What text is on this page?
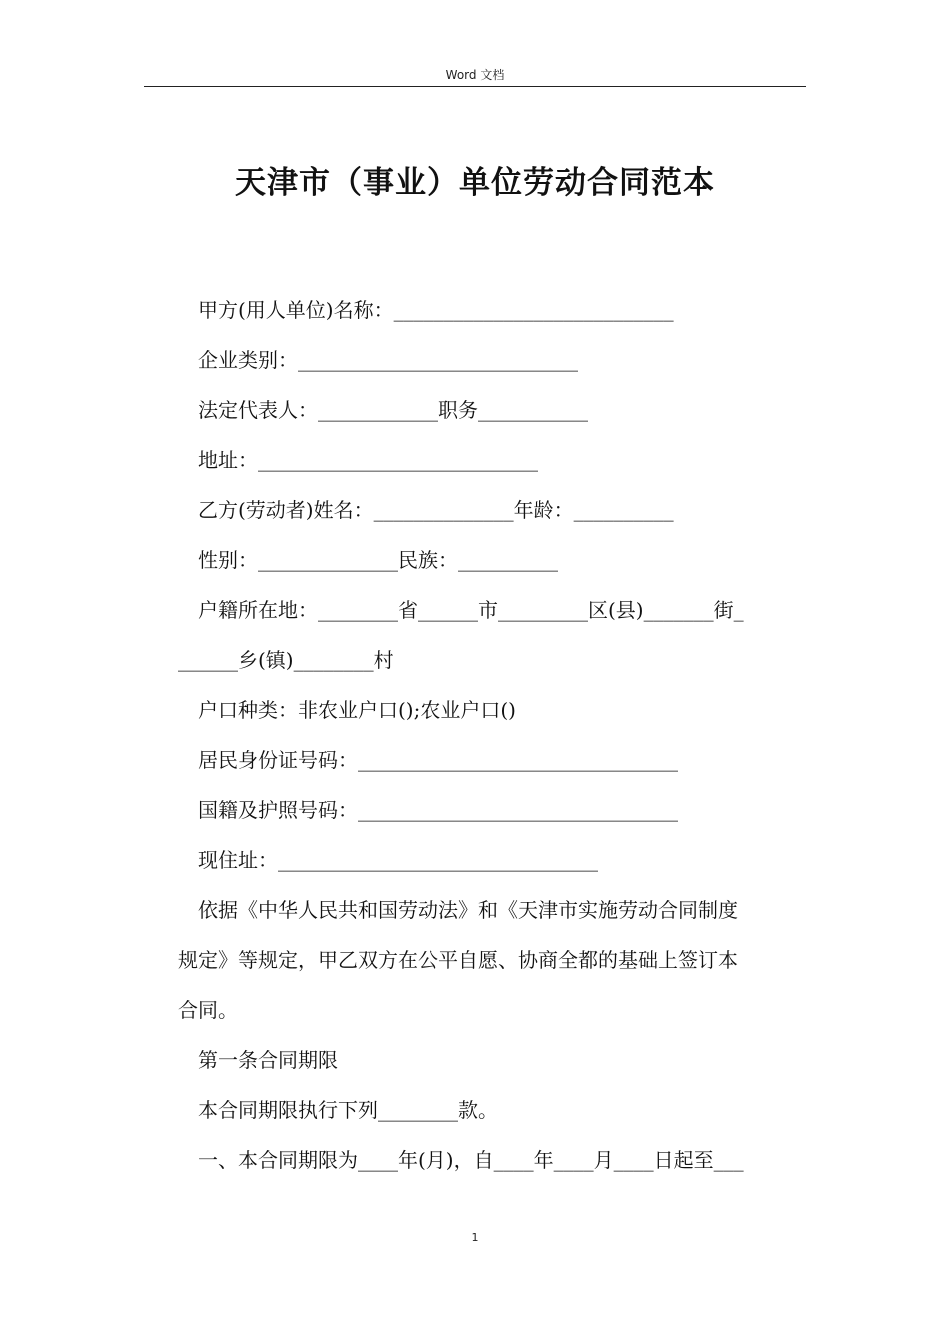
Word 文档
天津市（事业）单位劳动合同范本
甲方(用人单位)名称：____________________________
企业类别：____________________________
法定代表人：____________职务___________
地址：____________________________
乙方(劳动者)姓名：______________年龄：__________
性别：______________民族：__________
户籍所在地：________省______市_________区(县)_______街_
______乡(镇)________村
户口种类：非农业户口();农业户口()
居民身份证号码：________________________________
国籍及护照号码：________________________________
现住址：________________________________
依据《中华人民共和国劳动法》和《天津市实施劳动合同制度
规定》等规定，甲乙双方在公平自愿、协商全都的基础上签订本
合同。
第一条合同期限
本合同期限执行下列________款。
一、本合同期限为____年(月)，自____年____月____日起至___
1
